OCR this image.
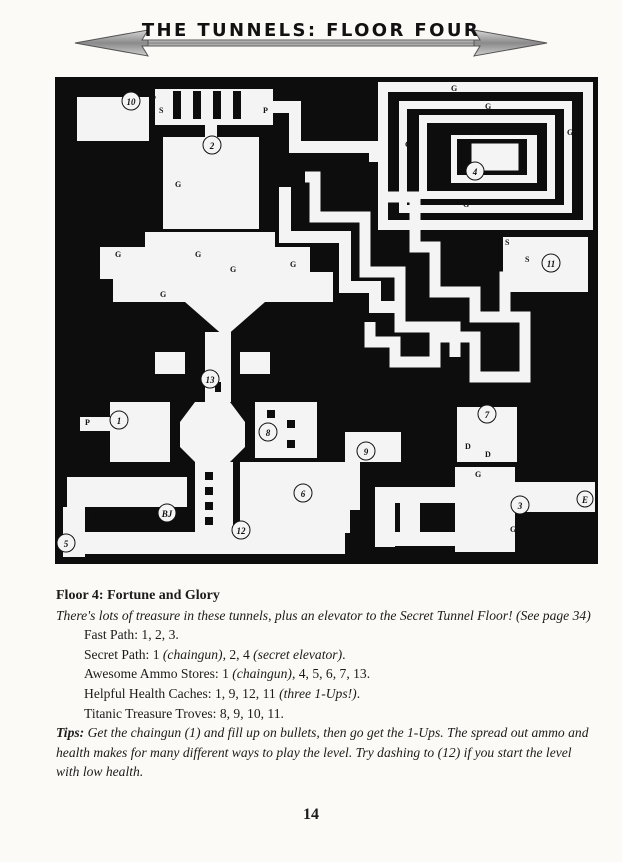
THE TUNNELS: FLOOR FOUR
10
2
4
11
13
1
8
9
7
6
3
12
5
BJ
E
G
G	G
G
G
G
G
G
G
G
G
G
G
G
P
S	P
S
S
S
P
D
D
Floor 4: Fortune and Glory
There's lots of treasure in these tunnels, plus an elevator to the Secret Tunnel Floor! (See page 34)
Fast Path: 1, 2, 3.
Secret Path: 1 (chaingun), 2, 4 (secret elevator).
Awesome Ammo Stores: 1 (chaingun), 4, 5, 6, 7, 13.
Helpful Health Caches: 1, 9, 12, 11 (three 1-Ups!).
Titanic Treasure Troves: 8, 9, 10, 11.
Tips: Get the chaingun (1) and fill up on bullets, then go get the 1-Ups. The spread out ammo and health makes for many different ways to play the level. Try dashing to (12) if you start the level with low health.
14
